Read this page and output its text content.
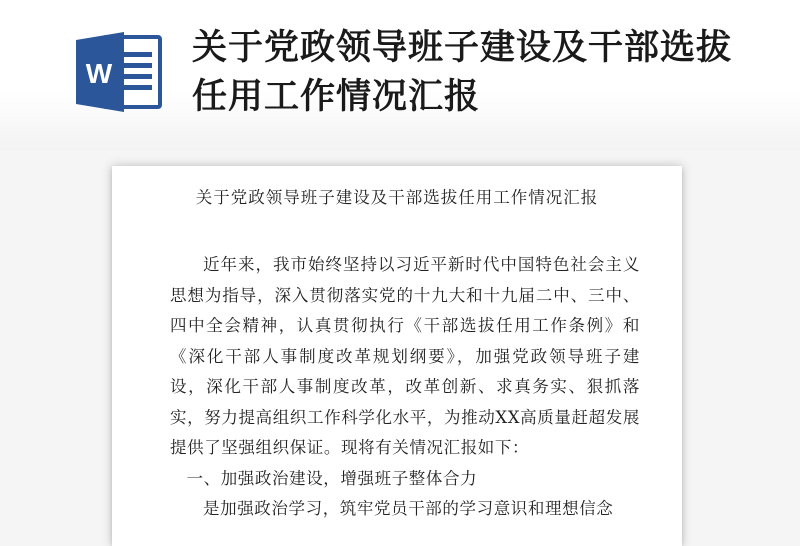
W
关于党政领导班子建设及干部选拔任用工作情况汇报
关于党政领导班子建设及干部选拔任用工作情况汇报

近年来，我市始终坚持以习近平新时代中国特色社会主义思想为指导，深入贯彻落实党的十九大和十九届二中、三中、四中全会精神，认真贯彻执行《干部选拔任用工作条例》和《深化干部人事制度改革规划纲要》，加强党政领导班子建设，深化干部人事制度改革，改革创新、求真务实、狠抓落实，努力提高组织工作科学化水平，为推动XX高质量赶超发展提供了坚强组织保证。现将有关情况汇报如下：

一、加强政治建设，增强班子整体合力
是加强政治学习，筑牢党员干部的学习意识和理想信念
